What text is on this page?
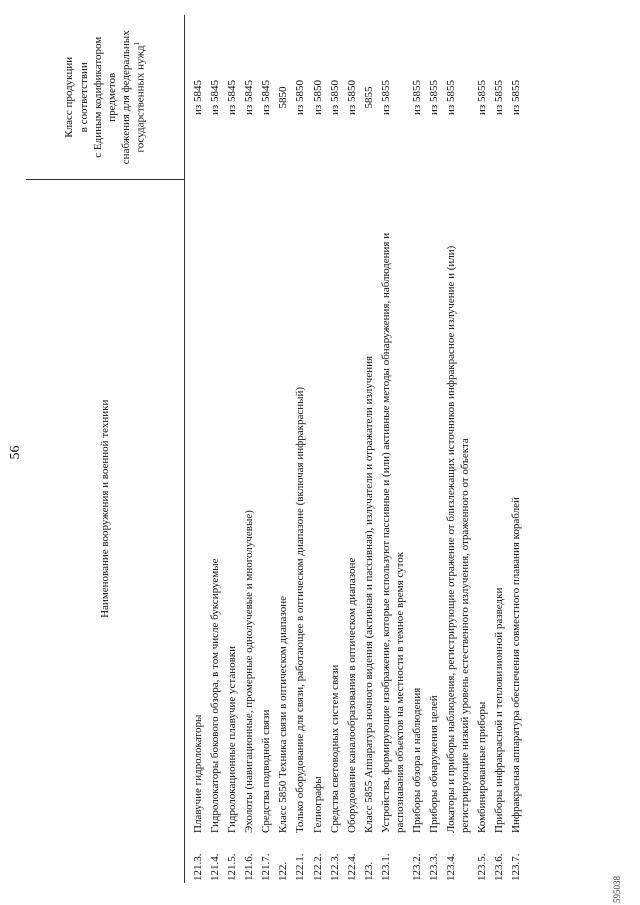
56
		Наименование вооружения и военной техники	Класс продукции в соответствии с Единым кодификатором предметов снабжения для федеральных государственных нужд$^1$
121.3.	Плавучие гидролокаторы	из 5845
121.4.	Гидролокаторы бокового обзора, в том числе буксируемые	из 5845
121.5.	Гидролокационные плавучие установки	из 5845
121.6.	Эхолоты (навигационные, промерные однолучевые и многолучевые)	из 5845
121.7.	Средства подводной связи	из 5845
122.	Класс 5850 Техника связи в оптическом диапазоне	5850
122.1.	Только оборудование для связи, работающее в оптическом диапазоне (включая инфракрасный)	из 5850
122.2.	Гелиографы	из 5850
122.3.	Средства световодных систем связи	из 5850
122.4.	Оборудование каналообразования в оптическом диапазоне	из 5850
123.	Класс 5855 Аппаратура ночного видения (активная и пассивная), излучатели и отражатели излучения	5855
123.1.	Устройства, формирующие изображение, которые используют пассивные и (или) активные методы обнаружения, наблюдения и распознавания объектов на местности в темное время суток	из 5855
123.2.	Приборы обзора и наблюдения	из 5855
123.3.	Приборы обнаружения целей	из 5855
123.4.	Локаторы и приборы наблюдения, регистрирующие отражение от близлежащих источников инфракрасное излучение и (или) регистрирующие низкий уровень естественного излучения, отраженного от объекта	из 5855
123.5.	Комбинированные приборы	из 5855
123.6.	Приборы инфракрасной и тепловизионной разведки	из 5855
123.7.	Инфракрасная аппаратура обеспечения совместного плавания кораблей	из 5855
595038
